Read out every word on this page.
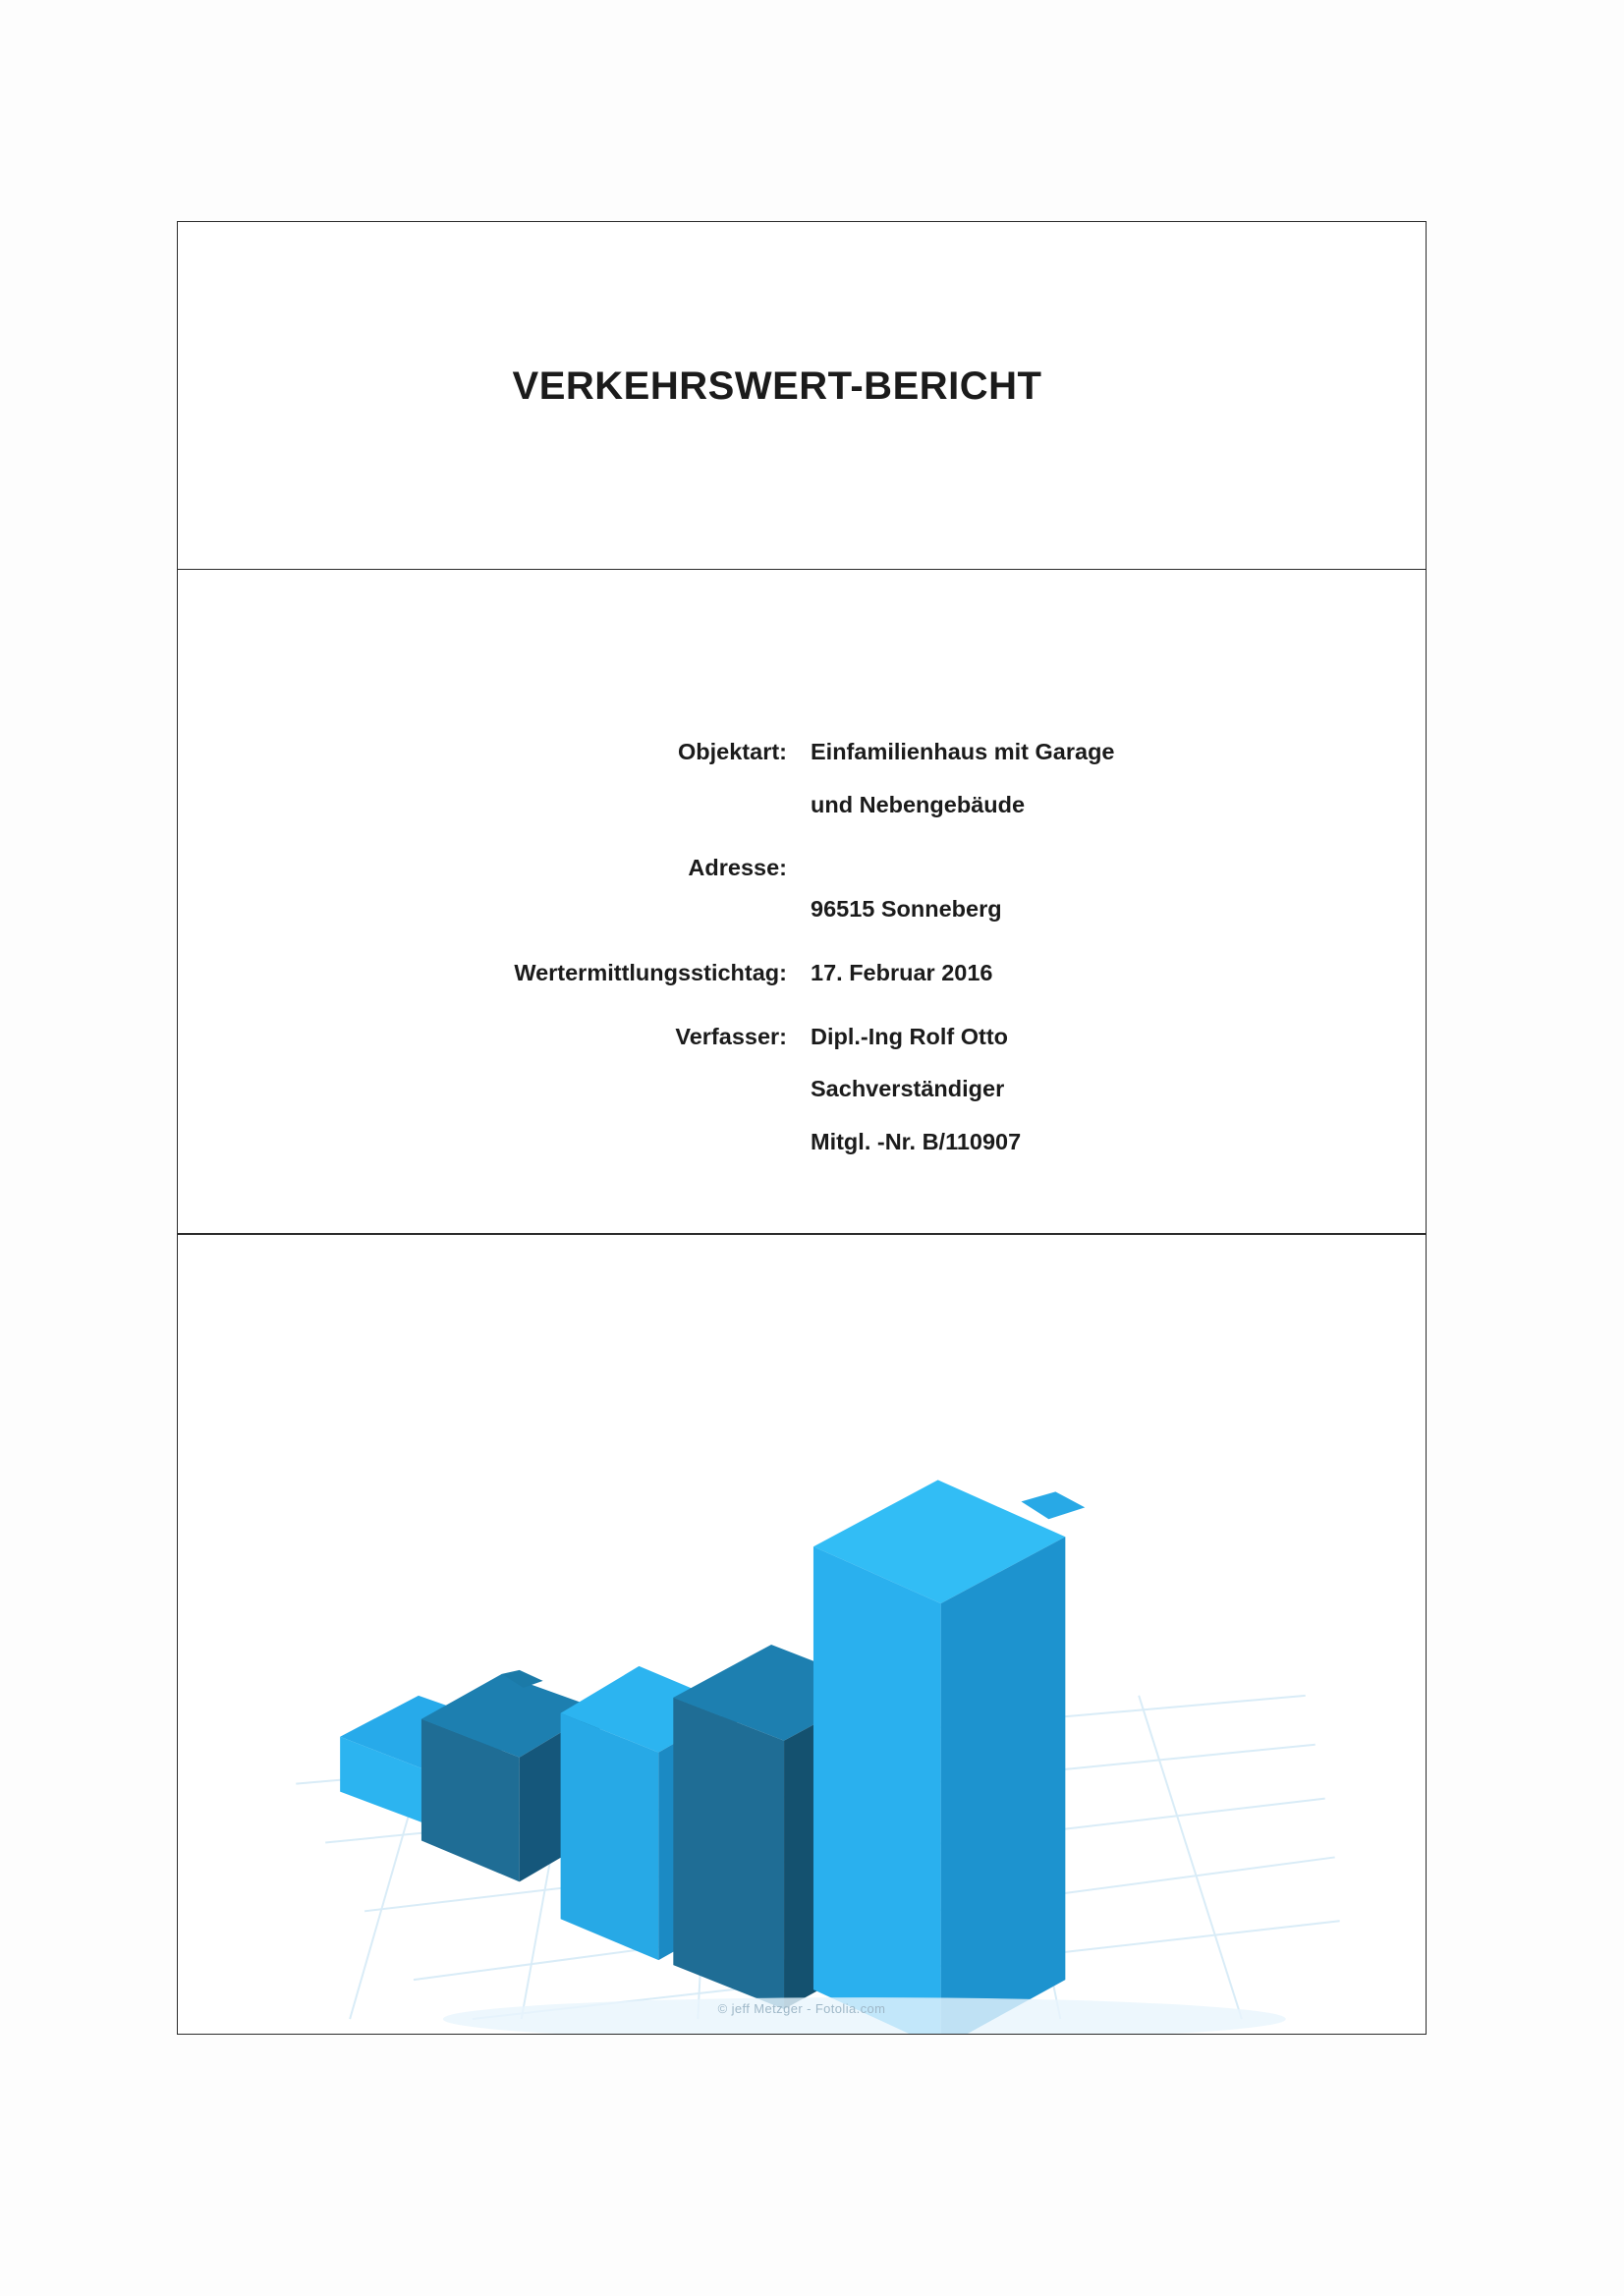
VERKEHRSWERT-BERICHT
Objektart:	Einfamilienhaus mit Garage
und Nebengebäude

Adresse:	
	96515 Sonneberg
Wertermittlungsstichtag:	17. Februar 2016
Verfasser:	Dipl.-Ing Rolf Otto
Sachverständiger
Mitgl. -Nr. B/110907
© jeff Metzger - Fotolia.com
